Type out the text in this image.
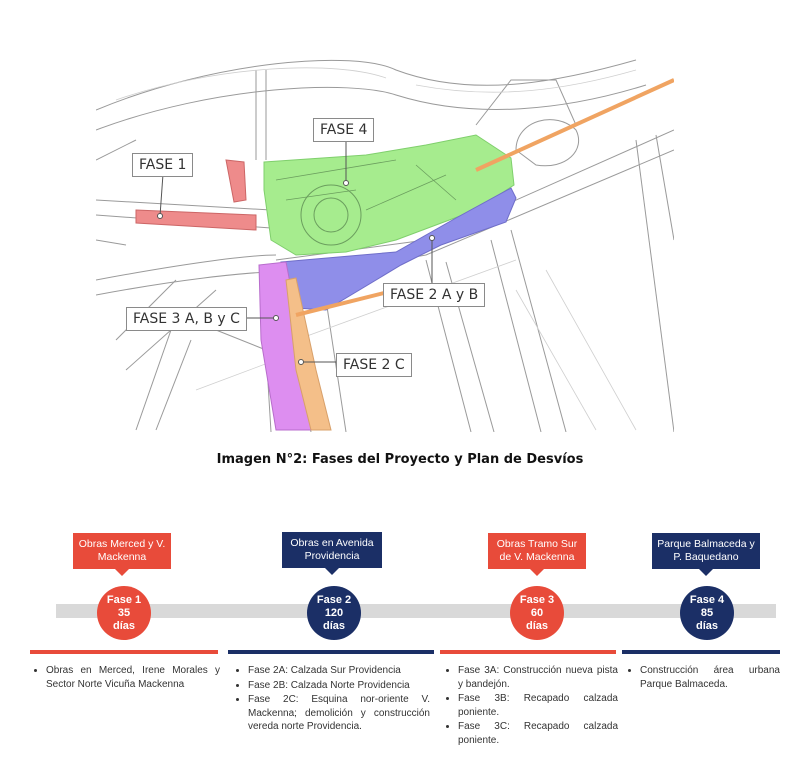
FASE 1
FASE 4
FASE 2 A y B
FASE 3 A, B y C
FASE 2 C
Imagen N°2: Fases del Proyecto y Plan de Desvíos
Obras Merced y V. Mackenna
Fase 1
35
días
• Obras en Merced, Irene Morales y Sector Norte Vicuña Mackenna
Obras en Avenida Providencia
Fase 2
120
días
• Fase 2A: Calzada Sur Providencia
• Fase 2B: Calzada Norte Providencia
• Fase 2C: Esquina nor-oriente V. Mackenna; demolición y construcción vereda norte Providencia.
Obras Tramo Sur de V. Mackenna
Fase 3
60
días
• Fase 3A: Construcción nueva pista y bandejón.
• Fase 3B: Recapado calzada poniente.
• Fase 3C: Recapado calzada poniente.
Parque Balmaceda y P. Baquedano
Fase 4
85
días
• Construcción área urbana Parque Balmaceda.
